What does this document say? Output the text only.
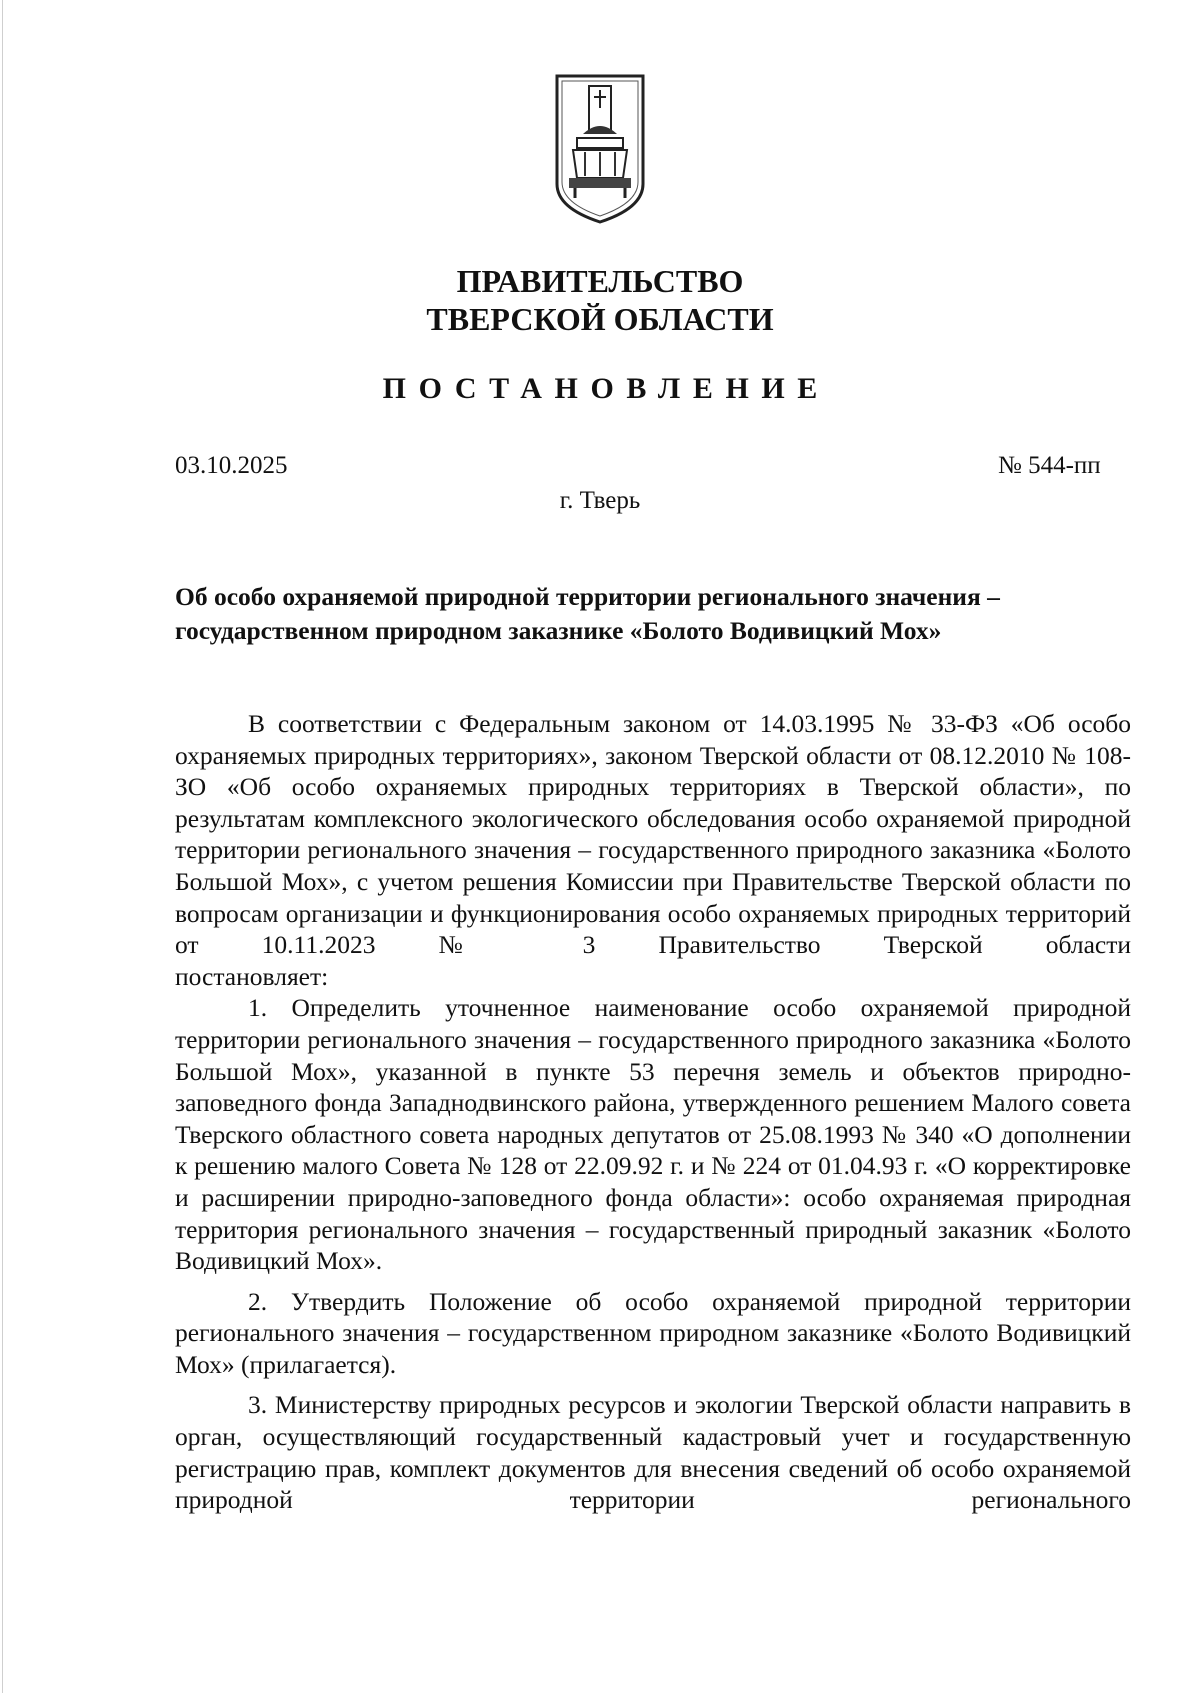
ПРАВИТЕЛЬСТВО
ТВЕРСКОЙ ОБЛАСТИ
ПОСТАНОВЛЕНИЕ
03.10.2025	№ 544-пп
г. Тверь
Об особо охраняемой природной территории регионального значения –
государственном природном заказнике «Болото Водивицкий Мох»

В соответствии с Федеральным законом от 14.03.1995 № 33-ФЗ «Об особо охраняемых природных территориях», законом Тверской области от 08.12.2010 № 108-ЗО «Об особо охраняемых природных территориях в Тверской области», по результатам комплексного экологического обследования особо охраняемой природной территории регионального значения – государственного природного заказника «Болото Большой Мох», с учетом решения Комиссии при Правительстве Тверской области по вопросам организации и функционирования особо охраняемых природных территорий от 10.11.2023 № 3 Правительство Тверской области

постановляет:

1. Определить уточненное наименование особо охраняемой природной территории регионального значения – государственного природного заказника «Болото Большой Мох», указанной в пункте 53 перечня земель и объектов природно-заповедного фонда Западнодвинского района, утвержденного решением Малого совета Тверского областного совета народных депутатов от 25.08.1993 № 340 «О дополнении к решению малого Совета № 128 от 22.09.92 г. и № 224 от 01.04.93 г. «О корректировке и расширении природно-заповедного фонда области»: особо охраняемая природная территория регионального значения – государственный природный заказник «Болото Водивицкий Мох».

2. Утвердить Положение об особо охраняемой природной территории регионального значения – государственном природном заказнике «Болото Водивицкий Мох» (прилагается).

3. Министерству природных ресурсов и экологии Тверской области направить в орган, осуществляющий государственный кадастровый учет и государственную регистрацию прав, комплект документов для внесения сведений об особо охраняемой природной территории регионального
